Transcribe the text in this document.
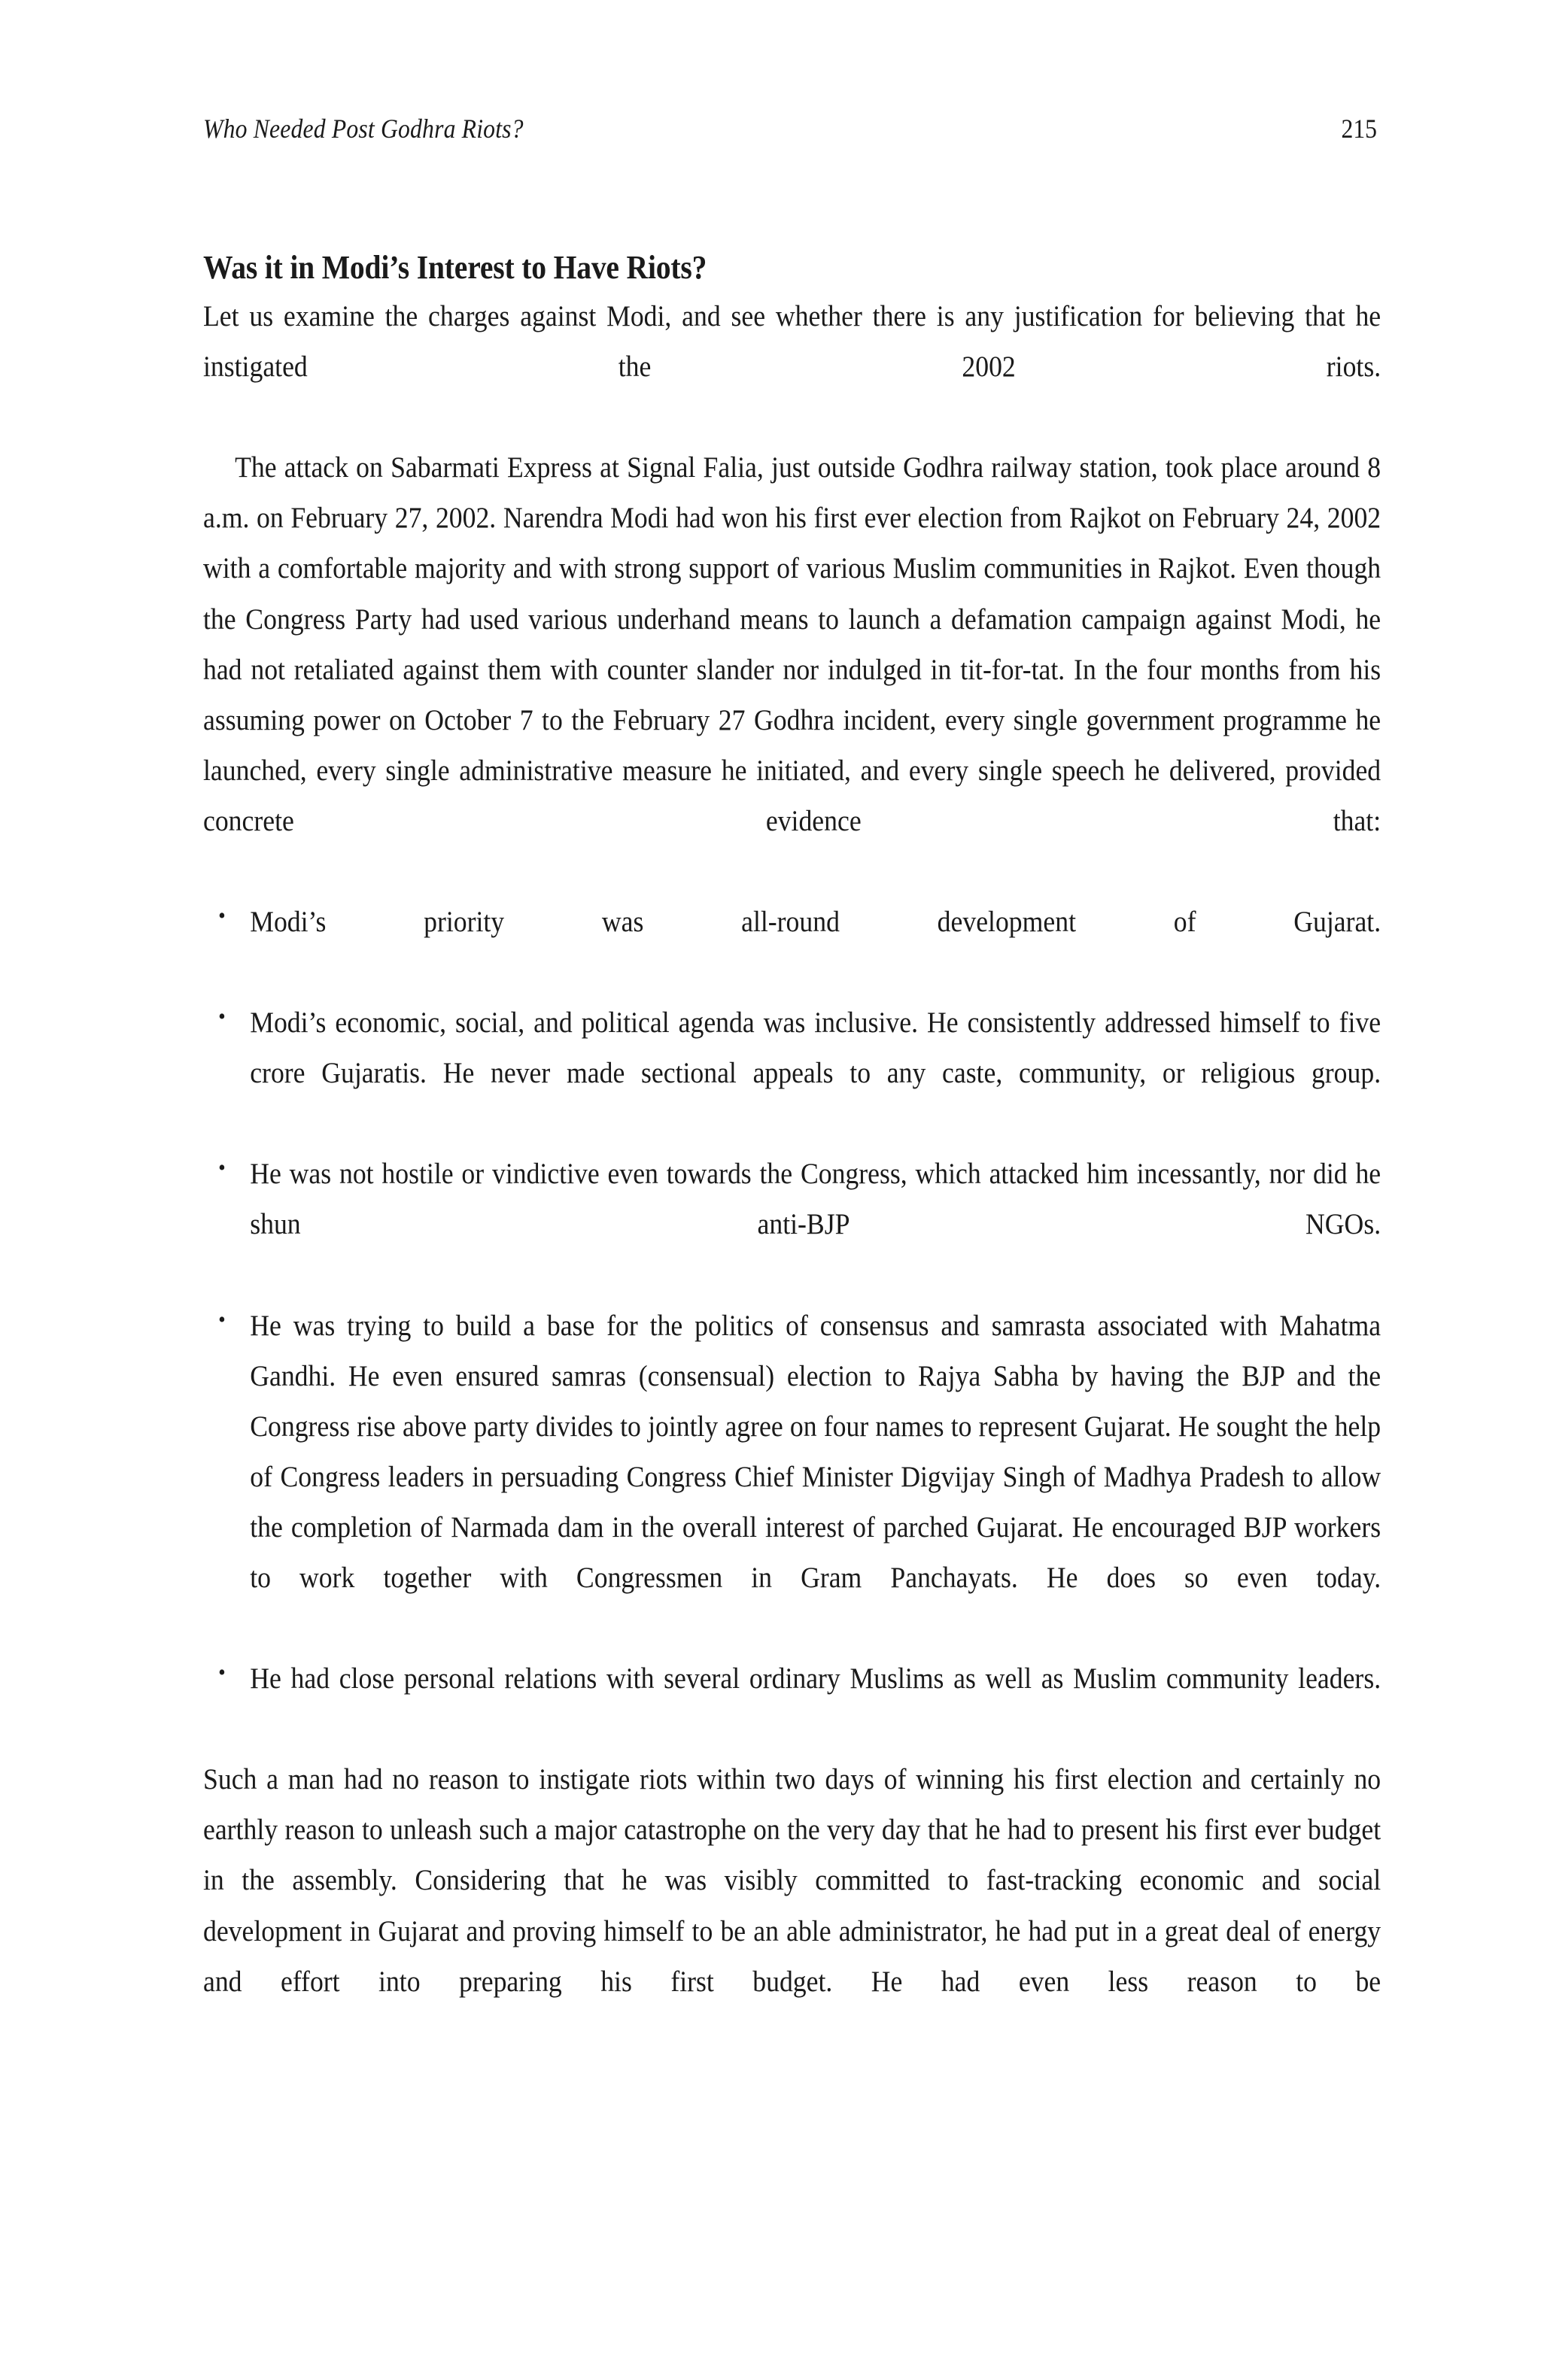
Who Needed Post Godhra Riots?	215
Was it in Modi’s Interest to Have Riots?

Let us examine the charges against Modi, and see whether there is any justification for believing that he instigated the 2002 riots.

The attack on Sabarmati Express at Signal Falia, just outside Godhra railway station, took place around 8 a.m. on February 27, 2002. Narendra Modi had won his first ever election from Rajkot on February 24, 2002 with a comfortable majority and with strong support of various Muslim communities in Rajkot. Even though the Congress Party had used various underhand means to launch a defamation campaign against Modi, he had not retaliated against them with counter slander nor indulged in tit-for-tat. In the four months from his assuming power on October 7 to the February 27 Godhra incident, every single government programme he launched, every single administrative measure he initiated, and every single speech he delivered, provided concrete evidence that:

• Modi’s priority was all-round development of Gujarat.
• Modi’s economic, social, and political agenda was inclusive. He consistently addressed himself to five crore Gujaratis. He never made sectional appeals to any caste, community, or religious group.
• He was not hostile or vindictive even towards the Congress, which attacked him incessantly, nor did he shun anti-BJP NGOs.
• He was trying to build a base for the politics of consensus and samrasta associated with Mahatma Gandhi. He even ensured samras (consensual) election to Rajya Sabha by having the BJP and the Congress rise above party divides to jointly agree on four names to represent Gujarat. He sought the help of Congress leaders in persuading Congress Chief Minister Digvijay Singh of Madhya Pradesh to allow the completion of Narmada dam in the overall interest of parched Gujarat. He encouraged BJP workers to work together with Congressmen in Gram Panchayats. He does so even today.
• He had close personal relations with several ordinary Muslims as well as Muslim community leaders.

Such a man had no reason to instigate riots within two days of winning his first election and certainly no earthly reason to unleash such a major catastrophe on the very day that he had to present his first ever budget in the assembly. Considering that he was visibly committed to fast-tracking economic and social development in Gujarat and proving himself to be an able administrator, he had put in a great deal of energy and effort into preparing his first budget. He had even less reason to be
